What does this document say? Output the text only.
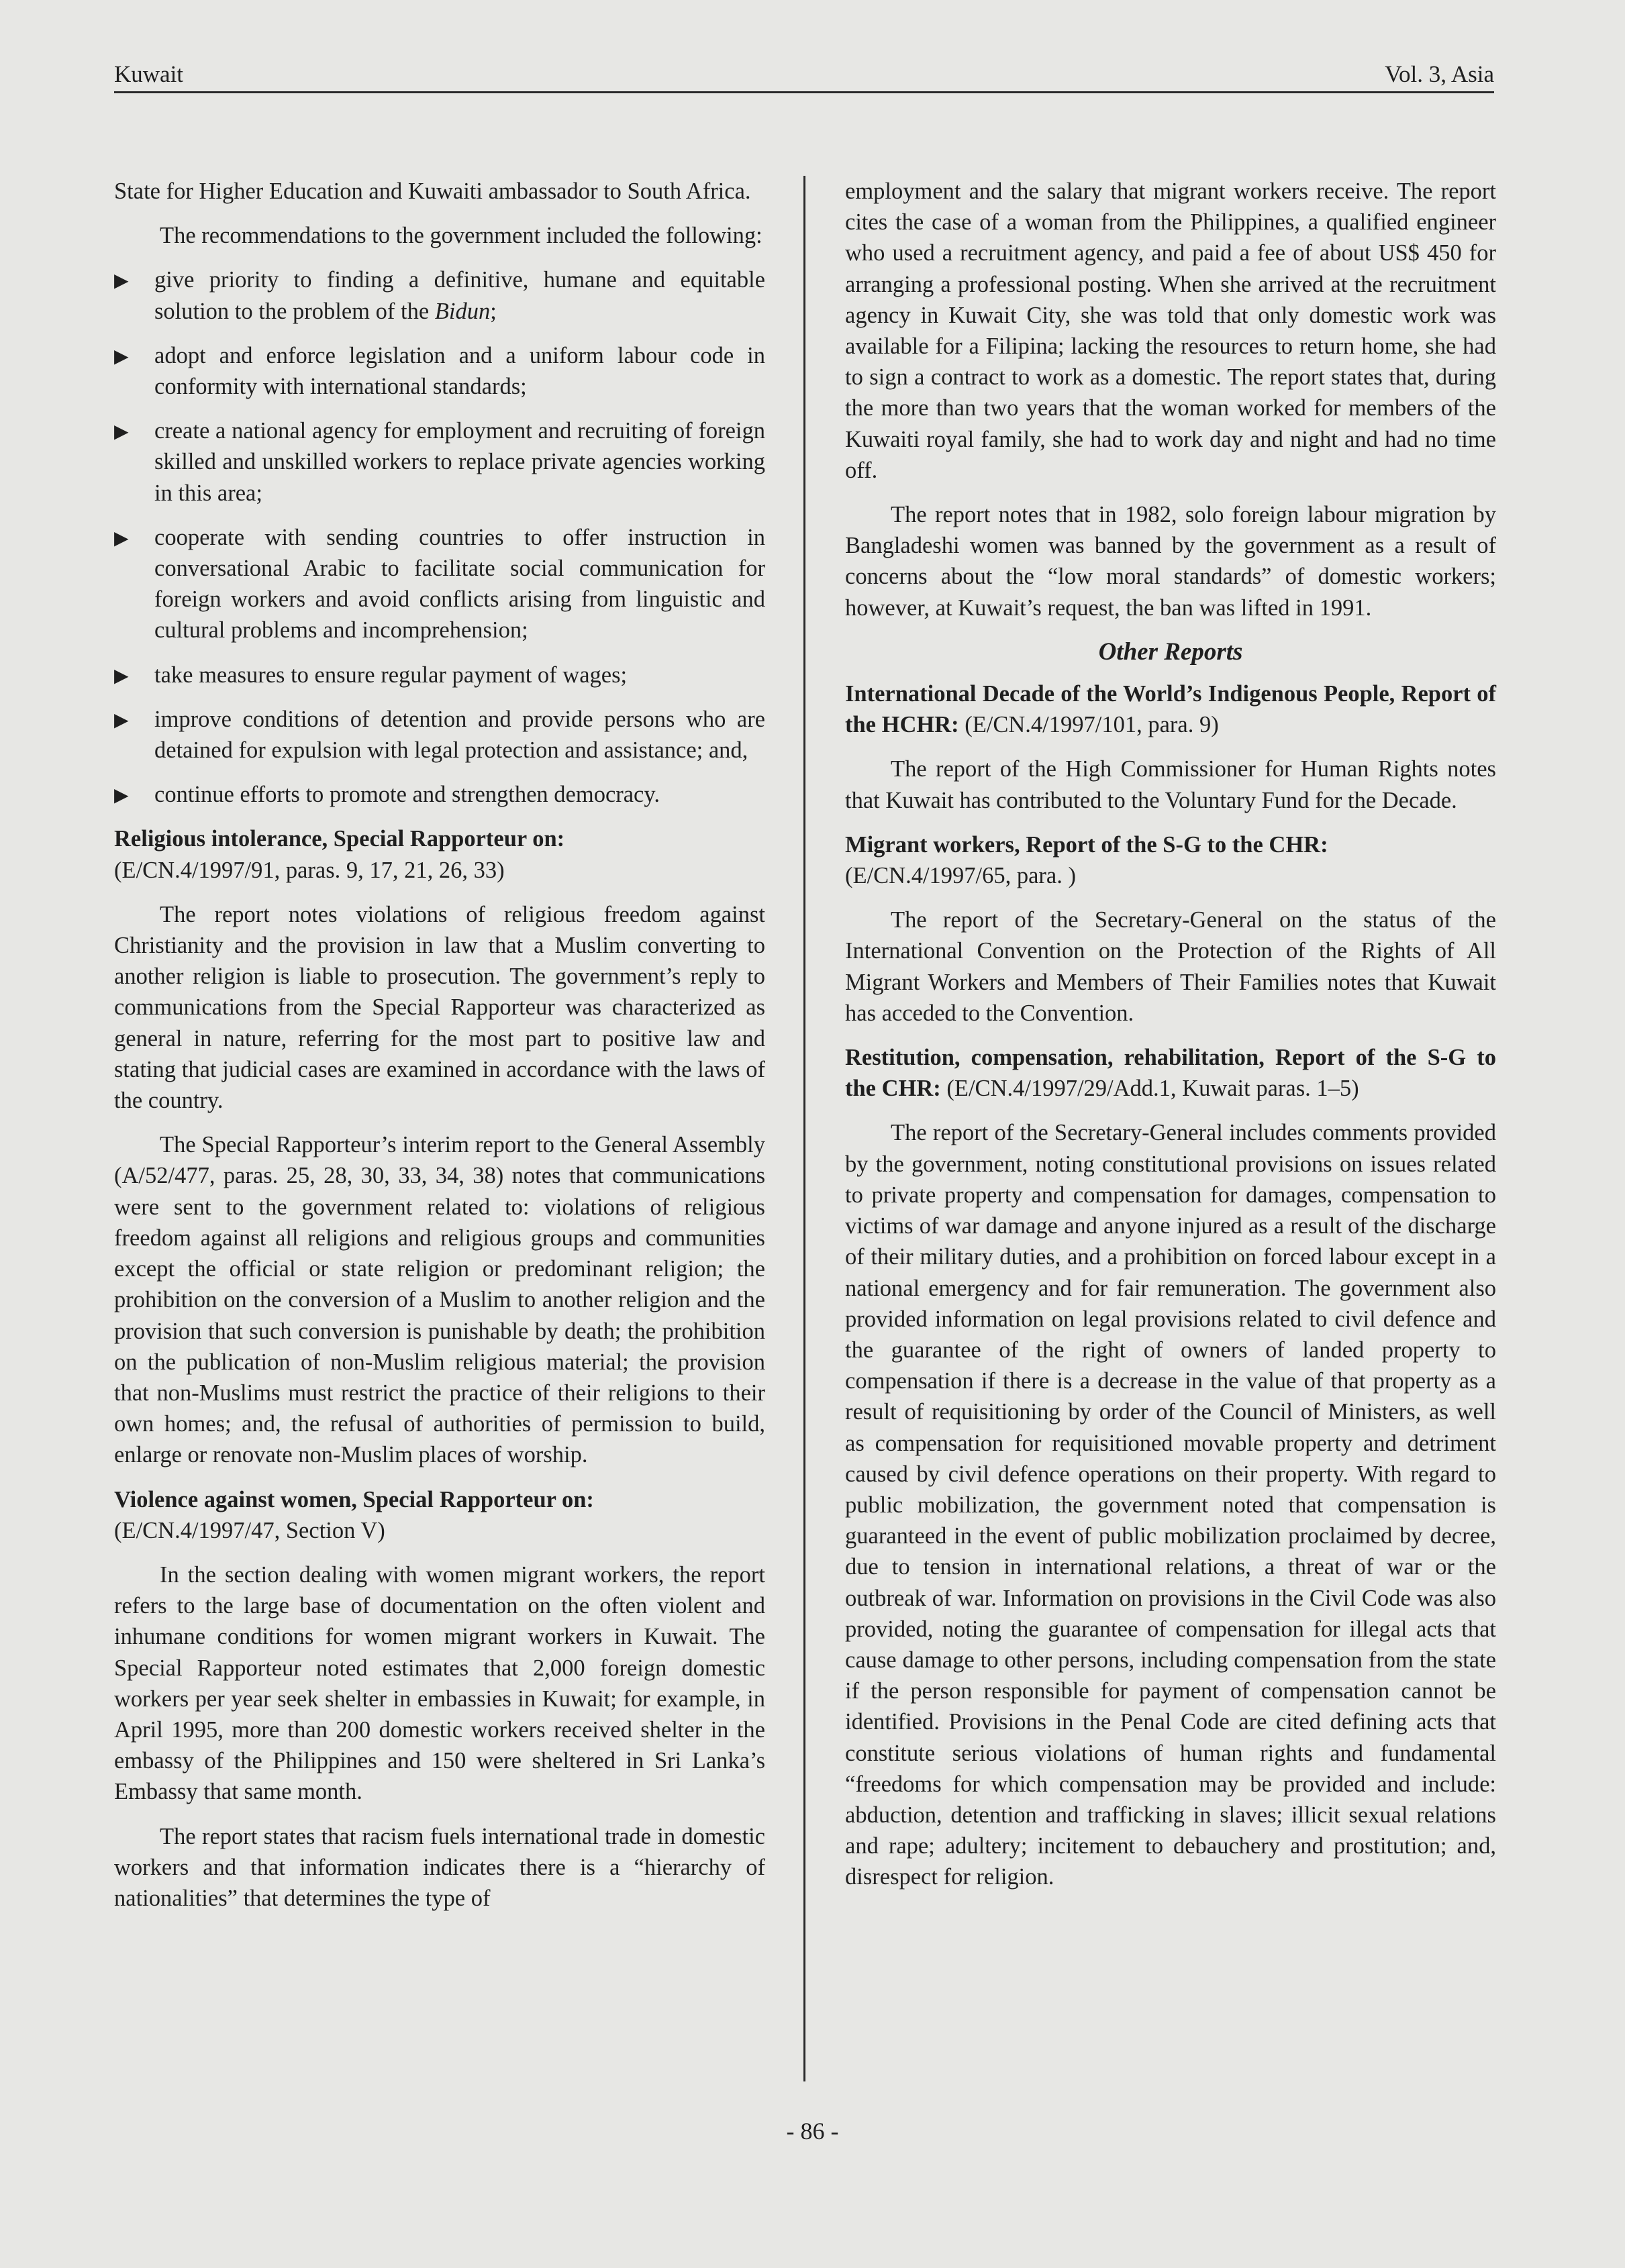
Kuwait	Vol. 3, Asia

State for Higher Education and Kuwaiti ambassador to South Africa.

The recommendations to the government included the following:

▶ give priority to finding a definitive, humane and equitable solution to the problem of the Bidun;
▶ adopt and enforce legislation and a uniform labour code in conformity with international standards;
▶ create a national agency for employment and recruiting of foreign skilled and unskilled workers to replace private agencies working in this area;
▶ cooperate with sending countries to offer instruction in conversational Arabic to facilitate social communication for foreign workers and avoid conflicts arising from linguistic and cultural problems and incomprehension;
▶ take measures to ensure regular payment of wages;
▶ improve conditions of detention and provide persons who are detained for expulsion with legal protection and assistance; and,
▶ continue efforts to promote and strengthen democracy.
Religious intolerance, Special Rapporteur on:
(E/CN.4/1997/91, paras. 9, 17, 21, 26, 33)

The report notes violations of religious freedom against Christianity and the provision in law that a Muslim converting to another religion is liable to prosecution. The government’s reply to communications from the Special Rapporteur was characterized as general in nature, referring for the most part to positive law and stating that judicial cases are examined in accordance with the laws of the country.

The Special Rapporteur’s interim report to the General Assembly (A/52/477, paras. 25, 28, 30, 33, 34, 38) notes that communications were sent to the government related to: violations of religious freedom against all religions and religious groups and communities except the official or state religion or predominant religion; the prohibition on the conversion of a Muslim to another religion and the provision that such conversion is punishable by death; the prohibition on the publication of non-Muslim religious material; the provision that non-Muslims must restrict the practice of their religions to their own homes; and, the refusal of authorities of permission to build, enlarge or renovate non-Muslim places of worship.

Violence against women, Special Rapporteur on:
(E/CN.4/1997/47, Section V)

In the section dealing with women migrant workers, the report refers to the large base of documentation on the often violent and inhumane conditions for women migrant workers in Kuwait. The Special Rapporteur noted estimates that 2,000 foreign domestic workers per year seek shelter in embassies in Kuwait; for example, in April 1995, more than 200 domestic workers received shelter in the embassy of the Philippines and 150 were sheltered in Sri Lanka’s Embassy that same month.

The report states that racism fuels international trade in domestic workers and that information indicates there is a “hierarchy of nationalities” that determines the type of

employment and the salary that migrant workers receive. The report cites the case of a woman from the Philippines, a qualified engineer who used a recruitment agency, and paid a fee of about US$ 450 for arranging a professional posting. When she arrived at the recruitment agency in Kuwait City, she was told that only domestic work was available for a Filipina; lacking the resources to return home, she had to sign a contract to work as a domestic. The report states that, during the more than two years that the woman worked for members of the Kuwaiti royal family, she had to work day and night and had no time off.

The report notes that in 1982, solo foreign labour migration by Bangladeshi women was banned by the government as a result of concerns about the “low moral standards” of domestic workers; however, at Kuwait’s request, the ban was lifted in 1991.

Other Reports
International Decade of the World’s Indigenous People, Report of the HCHR: (E/CN.4/1997/101, para. 9)

The report of the High Commissioner for Human Rights notes that Kuwait has contributed to the Voluntary Fund for the Decade.

Migrant workers, Report of the S-G to the CHR:
(E/CN.4/1997/65, para. )

The report of the Secretary-General on the status of the International Convention on the Protection of the Rights of All Migrant Workers and Members of Their Families notes that Kuwait has acceded to the Convention.

Restitution, compensation, rehabilitation, Report of the S-G to the CHR: (E/CN.4/1997/29/Add.1, Kuwait paras. 1–5)

The report of the Secretary-General includes comments provided by the government, noting constitutional provisions on issues related to private property and compensation for damages, compensation to victims of war damage and anyone injured as a result of the discharge of their military duties, and a prohibition on forced labour except in a national emergency and for fair remuneration. The government also provided information on legal provisions related to civil defence and the guarantee of the right of owners of landed property to compensation if there is a decrease in the value of that property as a result of requisitioning by order of the Council of Ministers, as well as compensation for requisitioned movable property and detriment caused by civil defence operations on their property. With regard to public mobilization, the government noted that compensation is guaranteed in the event of public mobilization proclaimed by decree, due to tension in international relations, a threat of war or the outbreak of war. Information on provisions in the Civil Code was also provided, noting the guarantee of compensation for illegal acts that cause damage to other persons, including compensation from the state if the person responsible for payment of compensation cannot be identified. Provisions in the Penal Code are cited defining acts that constitute serious violations of human rights and fundamental “freedoms for which compensation may be provided and include: abduction, detention and trafficking in slaves; illicit sexual relations and rape; adultery; incitement to debauchery and prostitution; and, disrespect for religion.

- 86 -
